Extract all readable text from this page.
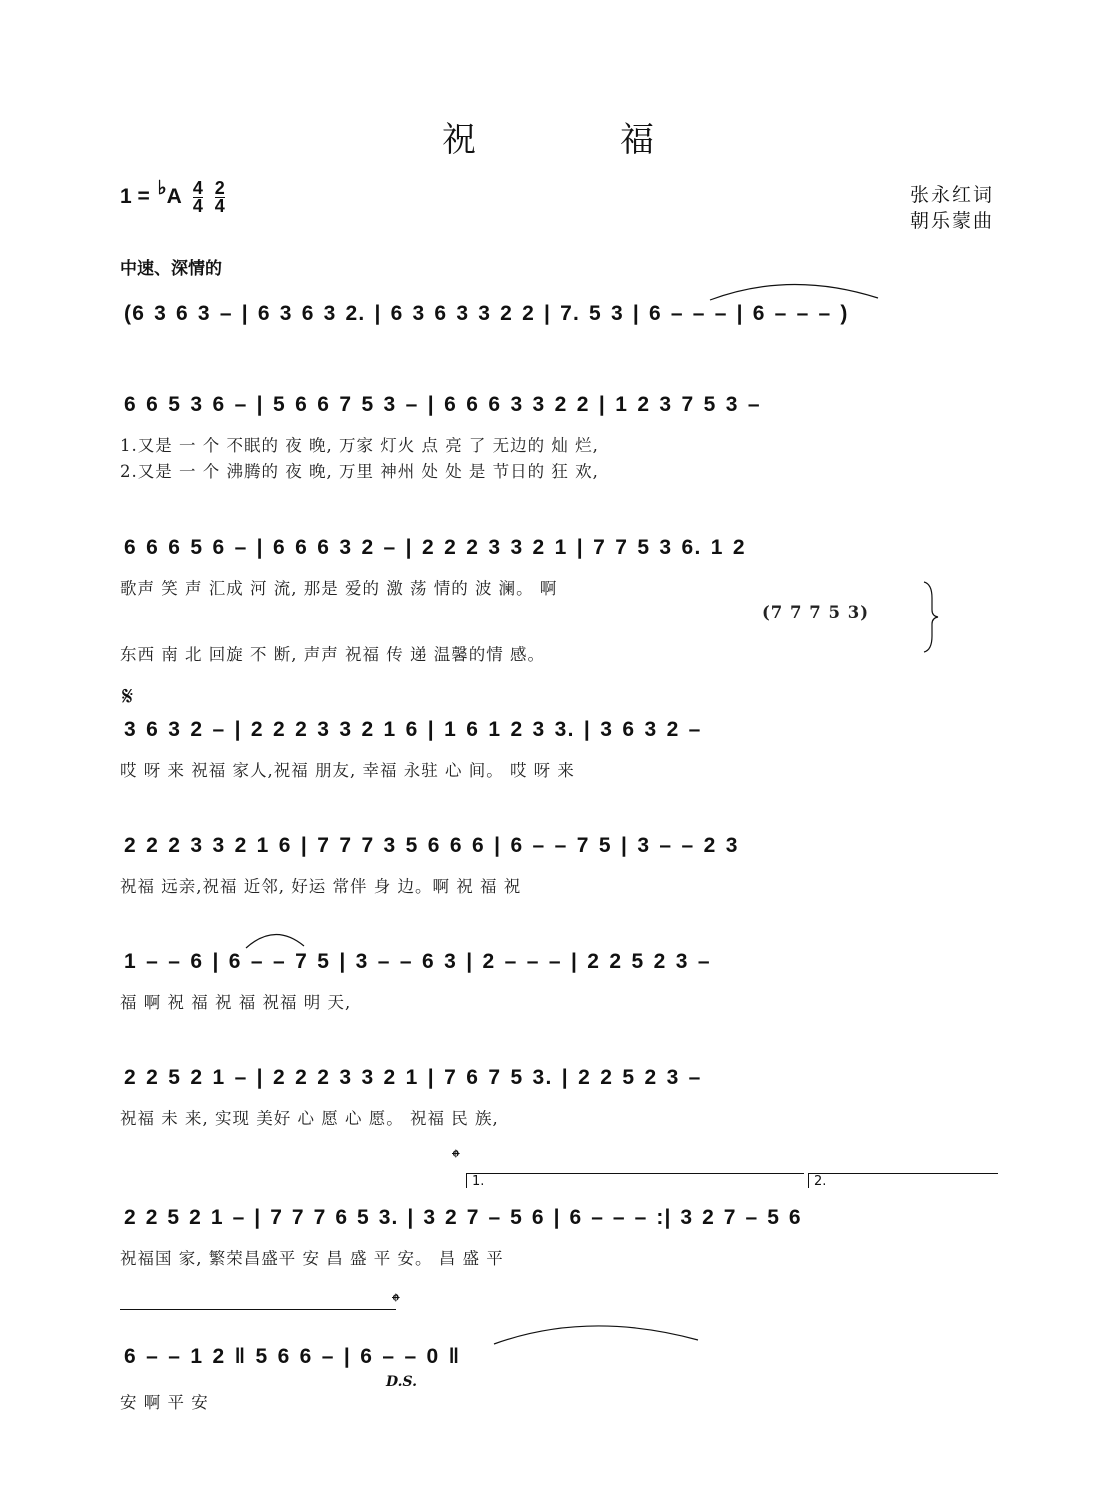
祝	福
1 = ♭A $\frac{4}{4}$
$\frac{2}{4}$	张永红词
朝乐蒙曲
中速、深情的
(6 3 6 3 – | 6 3 6 3 2. | 6 3 6 3 3 2 2 | 7. 5 3 | 6 – – – | 6 – – – )
6 6 5 3 6 – | 5 6 6 7 5 3 – | 6 6 6 3 3 2 2 | 1 2 3 7 5 3 –
1.又是 一 个 不眠的 夜 晚, 万家 灯火 点 亮 了 无边的 灿 烂,
2.又是 一 个 沸腾的 夜 晚, 万里 神州 处 处 是 节日的 狂 欢,
6 6 6 5 6 – | 6 6 6 3 2 – | 2 2 2 3 3 2 1 | 7 7 5 3 6. 1 2
歌声 笑 声 汇成 河 流, 那是 爱的 激 荡 情的 波 澜。 啊
(7 7 7 5 3)
东西 南 北 回旋 不 断, 声声 祝福 传 递 温馨的情 感。
𝄋
3 6 3 2 – | 2 2 2 3 3 2 1 6 | 1 6 1 2 3 3. | 3 6 3 2 –
哎 呀 来 祝福 家人,祝福 朋友, 幸福 永驻 心 间。 哎 呀 来
2 2 2 3 3 2 1 6 | 7 7 7 3 5 6 6 6 | 6 – – 7 5 | 3 – – 2 3
祝福 远亲,祝福 近邻, 好运 常伴 身 边。啊 祝 福 祝
1 – – 6 | 6 – – 7 5 | 3 – – 6 3 | 2 – – – | 2 2 5 2 3 –
福 啊 祝 福 祝 福 祝福 明 天,
2 2 5 2 1 – | 2 2 2 3 3 2 1 | 7 6 7 5 3. | 2 2 5 2 3 –
祝福 未 来, 实现 美好 心 愿 心 愿。 祝福 民 族,
𝄌
1.	2.
2 2 5 2 1 – | 7 7 7 6 5 3. | 3 2 7 – 5 6 | 6 – – – :| 3 2 7 – 5 6
祝福国 家, 繁荣昌盛平 安 昌 盛 平 安。 昌 盛 平
𝄌
6 – – 1 2 ‖ 5 6 6 – | 6 – – 0 ‖
D.S.
安 啊 平 安
